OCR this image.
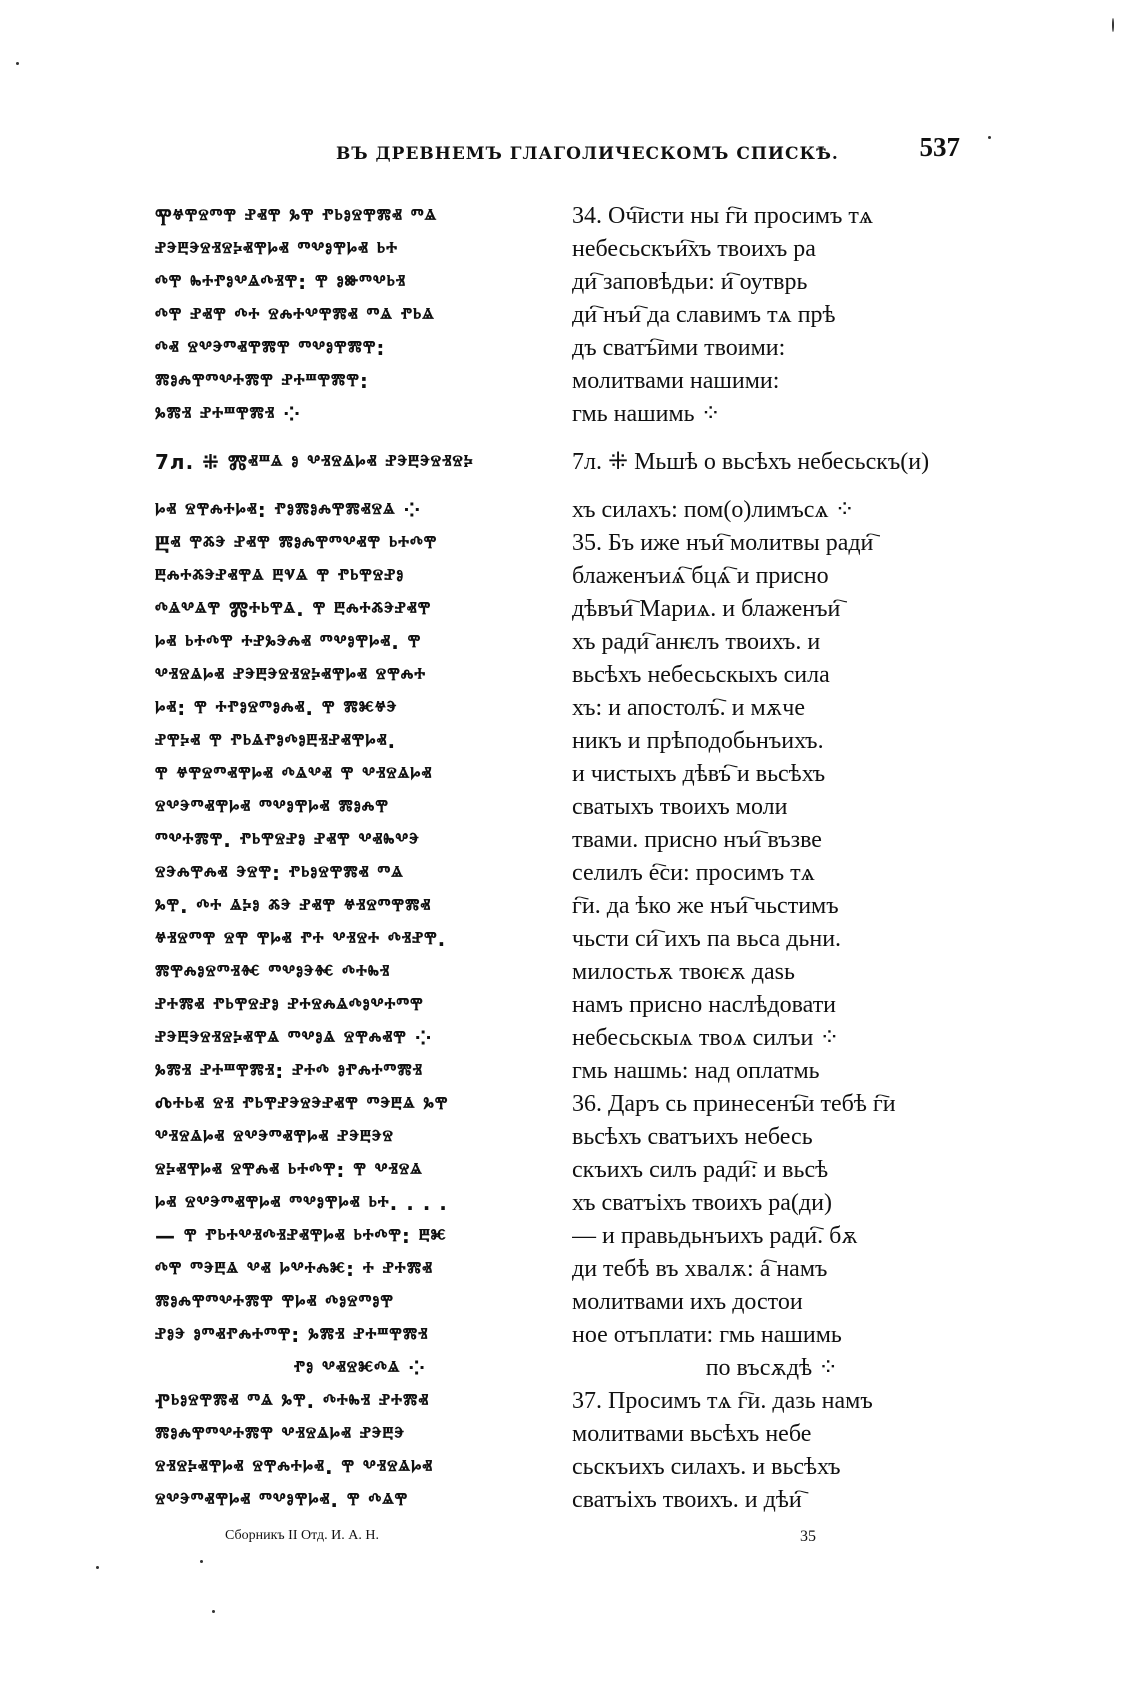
ВЪ ДРЕВНЕМЪ ГЛАГОЛИЧЕСКОМЪ СПИСКѢ.	537
Ⰹⱍⰹⱄⱅⰹ ⱀⱏⰹ ⰳⰹ ⱂⱃⱁⱄⰹⰿⱏ ⱅⱑ
ⱀⰵⰱⰵⱄⱐⱄⰽⱏⰹⱈⱏ ⱅⰲⱁⰹⱈⱏ ⱃⰰ
ⰴⰹ ⰸⰰⱂⱁⰲⱑⰴⱐⰹ: ⰹ ⱁⱆⱅⰲⱃⱐ
ⰴⰹ ⱀⱏⰹ ⰴⰰ ⱄⰾⰰⰲⰹⰿⱏ ⱅⱑ ⱂⱃⱑ
ⰴⱏ ⱄⰲⰵⱅⱏⰹⰿⰹ ⱅⰲⱁⰹⰿⰹ:
ⰿⱁⰾⰹⱅⰲⰰⰿⰹ ⱀⰰⱎⰹⰿⰹ:
ⰳⰿⱐ ⱀⰰⱎⰹⰿⱐ ⁘
7л. ⁜ Ⰿⱏⱎⱑ ⱁ ⰲⱐⱄⱑⱈⱏ ⱀⰵⰱⰵⱄⱐⱄⰽ
ⱈⱏ ⱄⰹⰾⰰⱈⱏ: ⱂⱁⰿⱁⰾⰹⰿⱏⱄⱑ ⁘
Ⰱⱏ ⰹⰶⰵ ⱀⱏⰹ ⰿⱁⰾⰹⱅⰲⱏⰹ ⱃⰰⰴⰹ
ⰱⰾⰰⰶⰵⱀⱏⰹⱑ ⰱⱌⱑ ⰹ ⱂⱃⰹⱄⱀⱁ
ⰴⱑⰲⱑⰹ Ⰿⰰⱃⰹⱑ. ⰹ ⰱⰾⰰⰶⰵⱀⱏⰹ
ⱈⱏ ⱃⰰⰴⰹ ⰰⱀⰳⰵⰾⱏ ⱅⰲⱁⰹⱈⱏ. ⰹ
ⰲⱐⱄⱑⱈⱏ ⱀⰵⰱⰵⱄⱐⱄⰽⱏⰹⱈⱏ ⱄⰹⰾⰰ
ⱈⱏ: ⰹ ⰰⱂⱁⱄⱅⱁⰾⱏ. ⰹ ⰿⱘⱍⰵ
ⱀⰹⰽⱏ ⰹ ⱂⱃⱑⱂⱁⰴⱁⰱⱐⱀⱏⰹⱈⱏ.
ⰹ ⱍⰹⱄⱅⱏⰹⱈⱏ ⰴⱑⰲⱏ ⰹ ⰲⱐⱄⱑⱈⱏ
ⱄⰲⰵⱅⱏⰹⱈⱏ ⱅⰲⱁⰹⱈⱏ ⰿⱁⰾⰹ
ⱅⰲⰰⰿⰹ. ⱂⱃⰹⱄⱀⱁ ⱀⱏⰹ ⰲⱏⰸⰲⰵ
ⱄⰵⰾⰹⰾⱏ ⰵⱄⰹ: ⱂⱃⱁⱄⰹⰿⱏ ⱅⱑ
ⰳⰹ. ⰴⰰ ⱑⰽⱁ ⰶⰵ ⱀⱏⰹ ⱍⱐⱄⱅⰹⰿⱏ
ⱍⱐⱄⱅⰹ ⱄⰹ ⰹⱈⱏ ⱂⰰ ⰲⱐⱄⰰ ⰴⱐⱀⰹ.
ⰿⰹⰾⱁⱄⱅⱐⱙ ⱅⰲⱁⰵⱙ ⰴⰰⰸⱐ
ⱀⰰⰿⱏ ⱂⱃⰹⱄⱀⱁ ⱀⰰⱄⰾⱑⰴⱁⰲⰰⱅⰹ
ⱀⰵⰱⰵⱄⱐⱄⰽⱏⰹⱑ ⱅⰲⱁⱑ ⱄⰹⰾⱏⰹ ⁘
ⰳⰿⱐ ⱀⰰⱎⰹⰿⱐ: ⱀⰰⰴ ⱁⱂⰾⰰⱅⰿⱐ
Ⰴⰰⱃⱏ ⱄⱐ ⱂⱃⰹⱀⰵⱄⰵⱀⱏⰹ ⱅⰵⰱⱑ ⰳⰹ
ⰲⱐⱄⱑⱈⱏ ⱄⰲⰵⱅⱏⰹⱈⱏ ⱀⰵⰱⰵⱄ
ⱄⰽⱏⰹⱈⱏ ⱄⰹⰾⱏ ⱃⰰⰴⰹ: ⰹ ⰲⱐⱄⱑ
ⱈⱏ ⱄⰲⰵⱅⱏⰹⱈⱏ ⱅⰲⱁⰹⱈⱏ ⱃⰰ. . . .
— ⰹ ⱂⱃⰰⰲⱐⰴⱐⱀⱏⰹⱈⱏ ⱃⰰⰴⰹ: ⰱⱘ
ⰴⰹ ⱅⰵⰱⱑ ⰲⱏ ⱈⰲⰰⰾⱘ: ⰰ ⱀⰰⰿⱏ
ⰿⱁⰾⰹⱅⰲⰰⰿⰹ ⰹⱈⱏ ⰴⱁⱄⱅⱁⰹ
ⱀⱁⰵ ⱁⱅⱏⱂⰾⰰⱅⰹ: ⰳⰿⱐ ⱀⰰⱎⰹⰿⱐ
ⱂⱁ ⰲⱏⱄⱘⰴⱑ ⁘
Ⱂⱃⱁⱄⰹⰿⱏ ⱅⱑ ⰳⰹ. ⰴⰰⰸⱐ ⱀⰰⰿⱏ
ⰿⱁⰾⰹⱅⰲⰰⰿⰹ ⰲⱐⱄⱑⱈⱏ ⱀⰵⰱⰵ
ⱄⱐⱄⰽⱏⰹⱈⱏ ⱄⰹⰾⰰⱈⱏ. ⰹ ⰲⱐⱄⱑⱈⱏ
ⱄⰲⰵⱅⱏⰹⱈⱏ ⱅⰲⱁⰹⱈⱏ. ⰹ ⰴⱑⰹ
34. Оч҇исти ны г҇и просимъ тѧ
небесьскъи҇хъ твоихъ ра
ди҇ заповѣдьи: и҇ оутврь
ди҇ нъи҇ да славимъ тѧ прѣ
дъ сватъ҇ими твоими:
молитвами нашими:
гмь нашимь ⁘
7л. ⁜ Мьшѣ о вьсѣхъ небесьскъ(и)
хъ силахъ: пом(о)лимъсѧ ⁘
35. Бъ иже нъи҇ молитвы ради҇
блаженъиѧ҇ бцѧ҇ и присно
дѣвъи҇ Мариѧ. и блаженъи҇
хъ ради҇ анѥлъ твоихъ. и
вьсѣхъ небесьскыхъ сила
хъ: и апостолъ҇. и мѫче
никъ и прѣподобьнъихъ.
и чистыхъ дѣвъ҇ и вьсѣхъ
сватыхъ твоихъ моли
твами. присно нъи҇ възве
селилъ е҇си: просимъ тѧ
г҇и. да ѣко же нъи҇ чьстимъ
чьсти си҇ ихъ па вьса дьни.
милостьѫ твоѥѫ даѕь
намъ присно наслѣдовати
небесьскыѧ твоѧ силъи ⁘
гмь нашмь: над оплатмь
36. Даръ сь принесенъ҇и тебѣ г҇и
вьсѣхъ сватъихъ небесь
скъихъ силъ ради҇: и вьсѣ
хъ сватъіхъ твоихъ ра(ди)
— и правьдьнъихъ ради҇. бѫ
ди тебѣ въ хвалѫ: а҇ намъ
молитвами ихъ достои
ное отъплати: гмь нашимь
по въсѫдѣ ⁘
37. Просимъ тѧ г҇и. дазь намъ
молитвами вьсѣхъ небе
сьскъихъ силахъ. и вьсѣхъ
сватъіхъ твоихъ. и дѣи҇
Сборникъ II Отд. И. А. Н.	35
